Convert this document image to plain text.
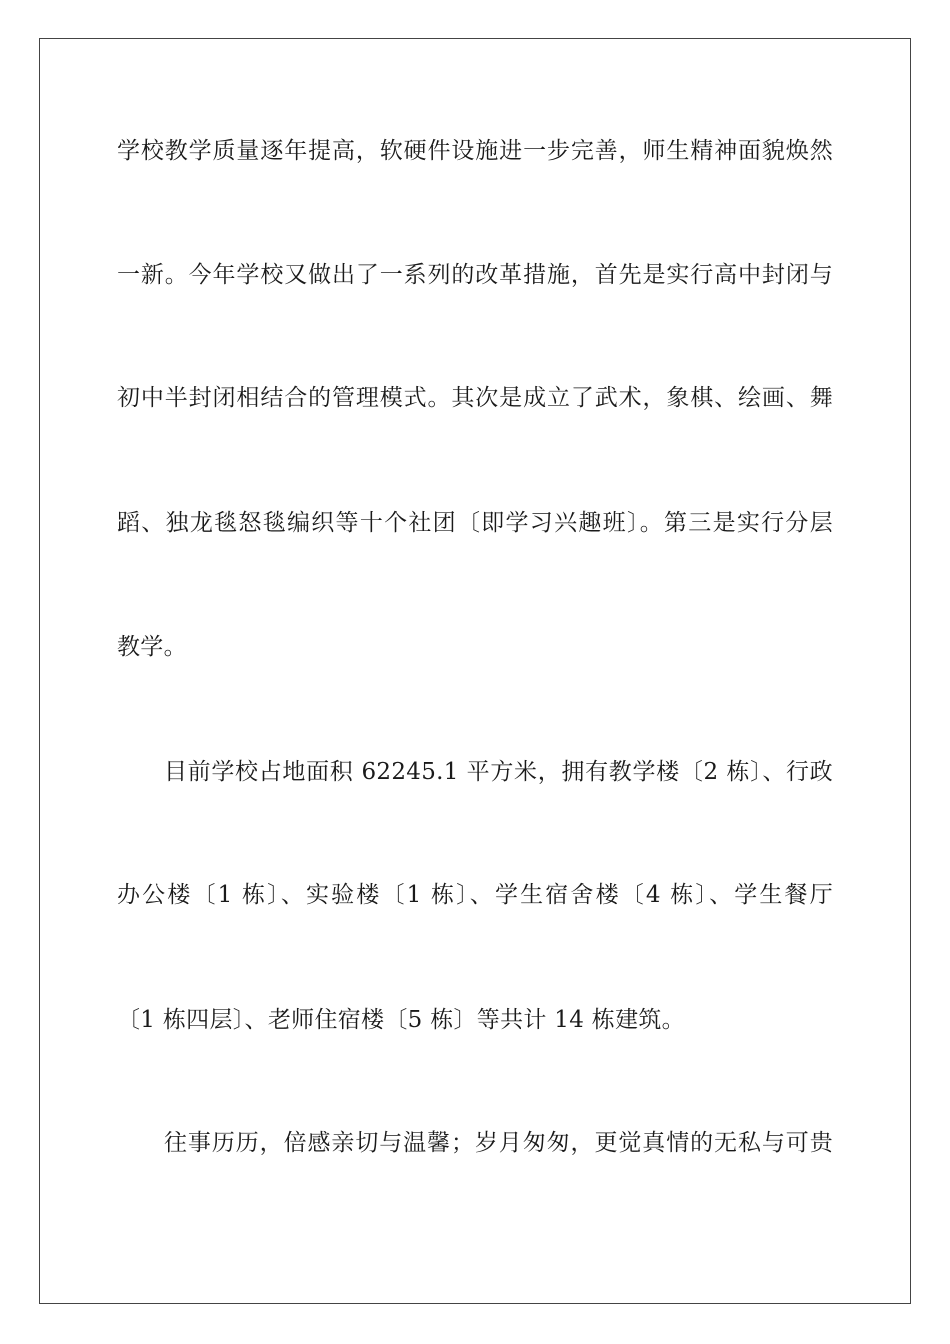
学校教学质量逐年提高，软硬件设施进一步完善，师生精神面貌焕然
一新。今年学校又做出了一系列的改革措施，首先是实行高中封闭与
初中半封闭相结合的管理模式。其次是成立了武术，象棋、绘画、舞
蹈、独龙毯怒毯编织等十个社团〔即学习兴趣班〕。第三是实行分层
教学。
目前学校占地面积 62245.1 平方米，拥有教学楼〔2 栋〕、行政
办公楼〔1 栋〕、实验楼〔1 栋〕、学生宿舍楼〔4 栋〕、学生餐厅
〔1 栋四层〕、老师住宿楼〔5 栋〕等共计 14 栋建筑。
往事历历，倍感亲切与温馨；岁月匆匆，更觉真情的无私与可贵
